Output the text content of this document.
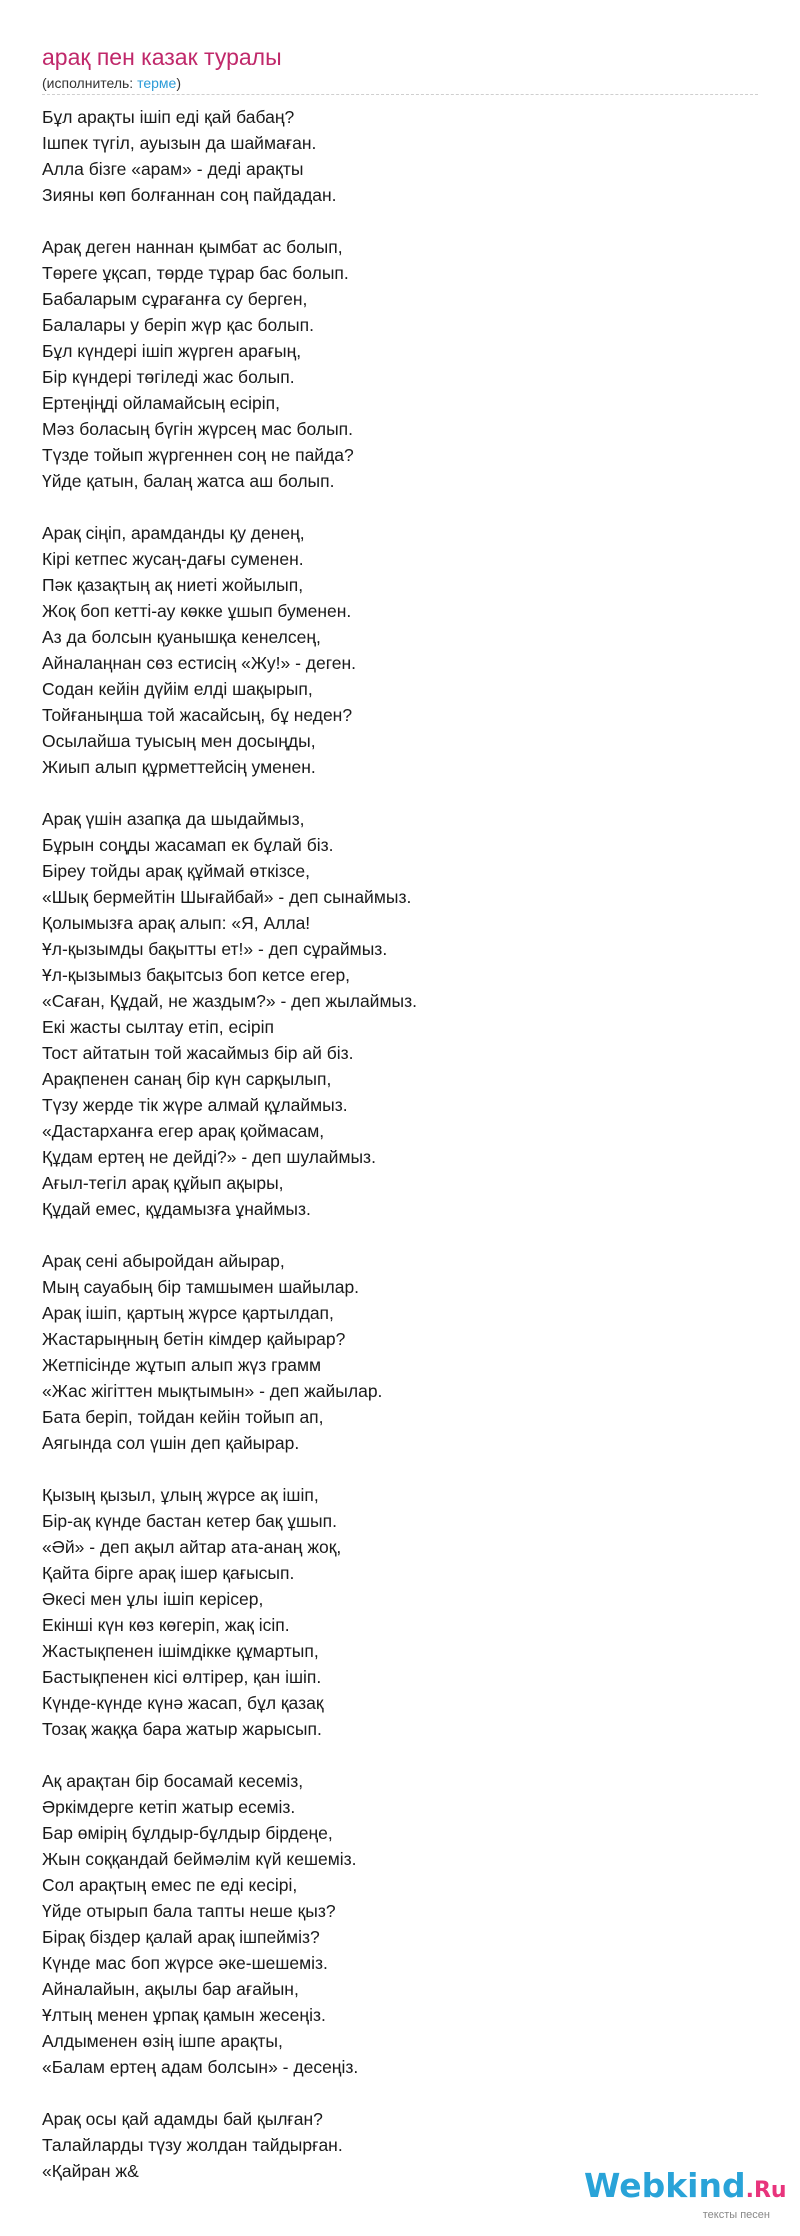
арақ пен казак туралы
(исполнитель: терме)

Бұл арақты ішіп еді қай бабаң?
Ішпек түгіл, ауызын да шаймаған.
Алла бізге «арам» - деді арақты
Зияны көп болғаннан соң пайдадан.

Арақ деген наннан қымбат ас болып,
Төреге ұқсап, төрде тұрар бас болып.
Бабаларым сұрағанға су берген,
Балалары у беріп жүр қас болып.
Бұл күндері ішіп жүрген арағың,
Бір күндері төгіледі жас болып.
Ертеңіңді ойламайсың есіріп,
Мәз боласың бүгін жүрсең мас болып.
Түзде тойып жүргеннен соң не пайда?
Үйде қатын, балаң жатса аш болып.

Арақ сіңіп, арамданды қу денең,
Кірі кетпес жусаң-дағы суменен.
Пәк қазақтың ақ ниеті жойылып,
Жоқ боп кетті-ау көкке ұшып буменен.
Аз да болсын қуанышқа кенелсең,
Айналаңнан сөз естисің «Жу!» - деген.
Содан кейін дүйім елді шақырып,
Тойғаныңша той жасайсың, бұ неден?
Осылайша туысың мен досыңды,
Жиып алып құрметтейсің уменен.

Арақ үшін азапқа да шыдаймыз,
Бұрын соңды жасамап ек бұлай біз.
Біреу тойды арақ құймай өткізсе,
«Шық бермейтін Шығайбай» - деп сынаймыз.
Қолымызға арақ алып: «Я, Алла!
Ұл-қызымды бақытты ет!» - деп сұраймыз.
Ұл-қызымыз бақытсыз боп кетсе егер,
«Саған, Құдай, не жаздым?» - деп жылаймыз.
Екі жасты сылтау етіп, есіріп
Тост айтатын той жасаймыз бір ай біз.
Арақпенен санаң бір күн сарқылып,
Түзу жерде тік жүре алмай құлаймыз.
«Дастарханға егер арақ қоймасам,
Құдам ертең не дейді?» - деп шулаймыз.
Ағыл-тегіл арақ құйып ақыры,
Құдай емес, құдамызға ұнаймыз.

Арақ сені абыройдан айырар,
Мың сауабың бір тамшымен шайылар.
Арақ ішіп, қартың жүрсе қартылдап,
Жастарыңның бетін кімдер қайырар?
Жетпісінде жұтып алып жүз грамм
«Жас жігіттен мықтымын» - деп жайылар.
Бата беріп, тойдан кейін тойып ап,
Аягында сол үшін деп қайырар.

Қызың қызыл, ұлың жүрсе ақ ішіп,
Бір-ақ күнде бастан кетер бақ ұшып.
«Әй» - деп ақыл айтар ата-анаң жоқ,
Қайта бірге арақ ішер қағысып.
Әкесі мен ұлы ішіп керісер,
Екінші күн көз көгеріп, жақ ісіп.
Жастықпенен ішімдікке құмартып,
Бастықпенен кісі өлтірер, қан ішіп.
Күнде-күнде күнә жасап, бұл қазақ
Тозақ жаққа бара жатыр жарысып.

Ақ арақтан бір босамай кесеміз,
Әркімдерге кетіп жатыр есеміз.
Бар өмірің бұлдыр-бұлдыр бірдеңе,
Жын соққандай беймәлім күй кешеміз.
Сол арақтың емес пе еді кесірі,
Үйде отырып бала тапты неше қыз?
Бірақ біздер қалай арақ ішпейміз?
Күнде мас боп жүрсе әке-шешеміз.
Айналайын, ақылы бар ағайын,
Ұлтың менен ұрпақ қамын жесеңіз.
Алдыменен өзің ішпе арақты,
«Балам ертең адам болсын» - десеңіз.

Арақ осы қай адамды бай қылған?
Талайларды түзу жолдан тайдырған.
«Қайран ж&	Webkind.Ru
тексты песен
